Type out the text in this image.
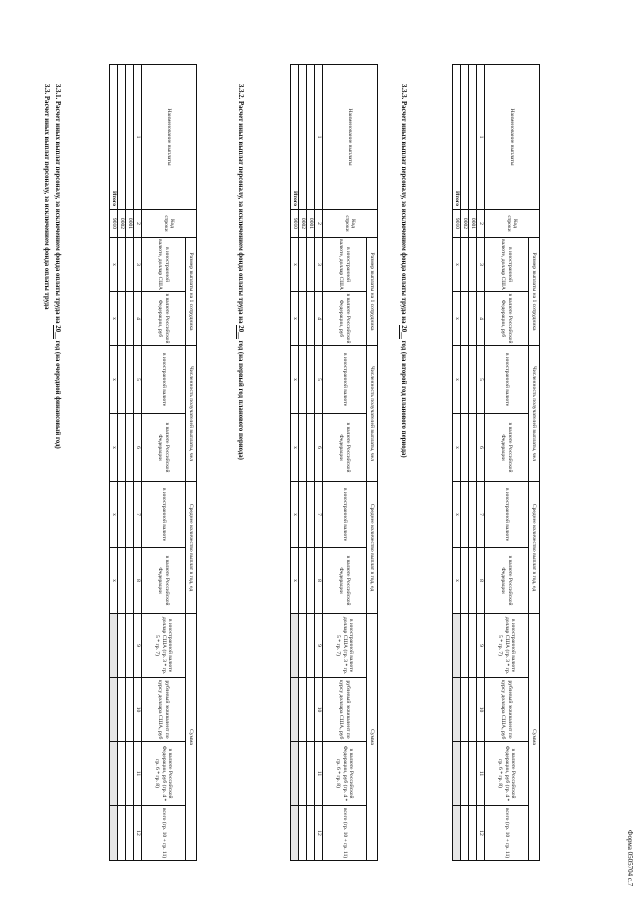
Форма 0505704 с.7
3.3. Расчет иных выплат персоналу, за исключением фонда оплаты труда 3.3.1. Расчет иных выплат персоналу, за исключением фонда оплаты труда на 20__ год (на очередной финансовый год)
Наименование выплаты	Код строки	Размер выплаты на 1 сотрудника		Численность получателей выплаты, чел		Среднее количество выплат в год, ед		Сумма			
		в иностранной валюте, доллар США	в валюте Российской Федерации, руб	в иностранной валюте	в валюте Российской Федерации	в иностранной валюте	в валюте Российской Федерации	в иностранной валюте доллар США (гр. 3 * гр. 5 * гр. 7)	рублевый эквивалент по курсу доллара США, руб	в валюте Российской Федерации, руб (гр. 4 * гр. 6 * гр. 8)	всего (гр. 10 + гр. 11)
1	2	3	4	5	6	7	8	9	10	11	12
	0001										
	0002										
Итого	9010	x	x	x	x	x	x				
3.3.2. Расчет иных выплат персоналу, за исключением фонда оплаты труда на 20__ год (на первый год планового периода)
Наименование выплаты	Код строки	Размер выплаты на 1 сотрудника		Численность получателей выплаты, чел		Среднее количество выплат в год, ед		Сумма			
		в иностранной валюте, доллар США	в валюте Российской Федерации, руб	в иностранной валюте	в валюте Российской Федерации	в иностранной валюте	в валюте Российской Федерации	в иностранной валюте доллар США (гр. 3 * гр. 5 * гр. 7)	рублевый эквивалент по курсу доллара США, руб	в валюте Российской Федерации, руб (гр. 4 * гр. 6 * гр. 8)	всего (гр. 10 + гр. 11)
1	2	3	4	5	6	7	8	9	10	11	12
	0001										
	0002										
Итого	9010	x	x	x	x	x	x				
3.3.3. Расчет иных выплат персоналу, за исключением фонда оплаты труда на 20__ год (на второй год планового периода)
Наименование выплаты	Код строки	Размер выплаты на 1 сотрудника		Численность получателей выплаты, чел		Среднее количество выплат в год, ед		Сумма			
		в иностранной валюте, доллар США	в валюте Российской Федерации, руб	в иностранной валюте	в валюте Российской Федерации	в иностранной валюте	в валюте Российской Федерации	в иностранной валюте доллар США (гр. 3 * гр. 5 * гр. 7)	рублевый эквивалент по курсу доллара США, руб	в валюте Российской Федерации, руб (гр. 4 * гр. 6 * гр. 8)	всего (гр. 10 + гр. 11)
1	2	3	4	5	6	7	8	9	10	11	12
	0001										
	0002										
Итого	9010	x	x	x	x	x	x				
